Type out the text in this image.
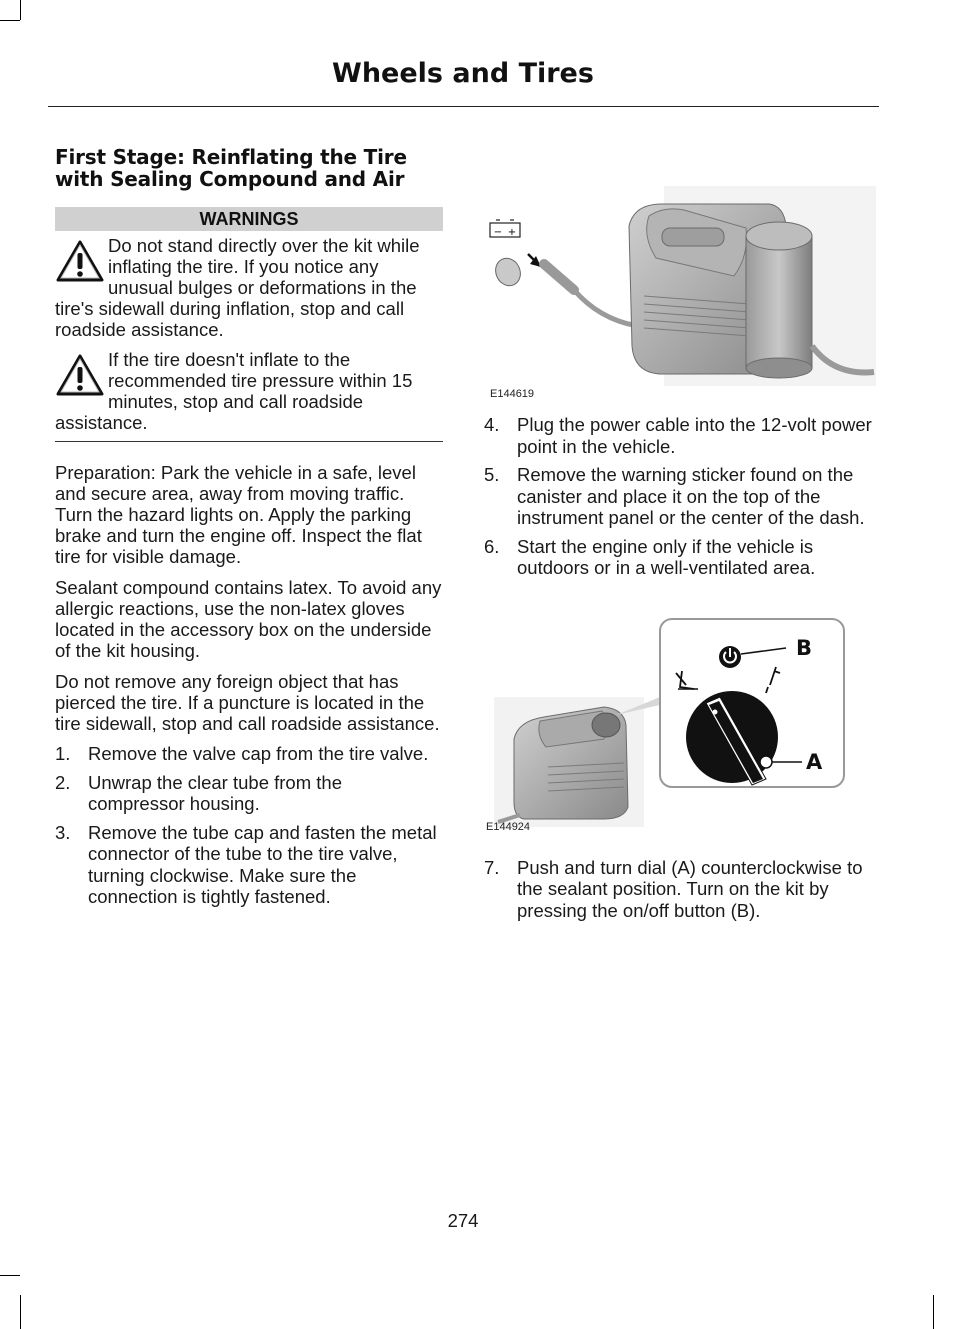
Wheels and Tires
First Stage: Reinflating the Tire with Sealing Compound and Air
WARNINGS
Do not stand directly over the kit while inflating the tire. If you notice any unusual bulges or deformations in the tire's sidewall during inflation, stop and call roadside assistance.
If the tire doesn't inflate to the recommended tire pressure within 15 minutes, stop and call roadside assistance.

Preparation: Park the vehicle in a safe, level and secure area, away from moving traffic. Turn the hazard lights on. Apply the parking brake and turn the engine off. Inspect the flat tire for visible damage.

Sealant compound contains latex. To avoid any allergic reactions, use the non-latex gloves located in the accessory box on the underside of the kit housing.

Do not remove any foreign object that has pierced the tire. If a puncture is located in the tire sidewall, stop and call roadside assistance.

1. Remove the valve cap from the tire valve.
2. Unwrap the clear tube from the compressor housing.
3. Remove the tube cap and fasten the metal connector of the tube to the tire valve, turning clockwise. Make sure the connection is tightly fastened.
− +
E144619
4. Plug the power cable into the 12-volt power point in the vehicle.
5. Remove the warning sticker found on the canister and place it on the top of the instrument panel or the center of the dash.
6. Start the engine only if the vehicle is outdoors or in a well-ventilated area.
B
A
E144924
7. Push and turn dial (A) counterclockwise to the sealant position. Turn on the kit by pressing the on/off button (B).
274
